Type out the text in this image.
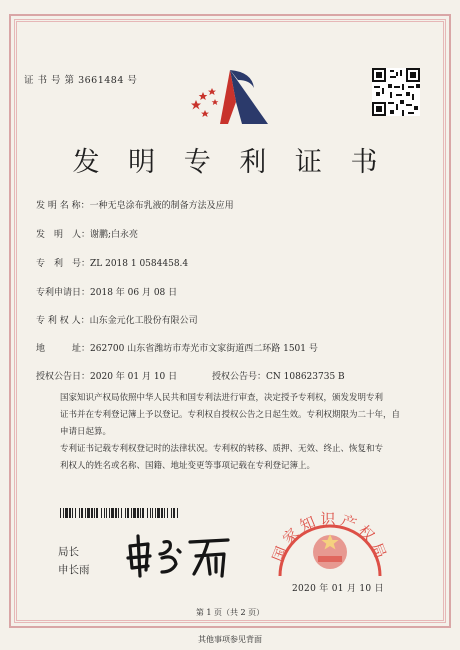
证 书 号 第 3661484 号
发 明 专 利 证 书
发 明 名 称：一种无皂涂布乳液的制备方法及应用
发　明　人：谢鹏;白永亮
专　利　号：ZL 2018 1 0584458.4
专利申请日：2018 年 06 月 08 日
专 利 权 人：山东金元化工股份有限公司
地　　　址：262700 山东省潍坊市寿光市文家街道西二环路 1501 号
授权公告日：2020 年 01 月 10 日	授权公告号：CN 108623735 B
国家知识产权局依照中华人民共和国专利法进行审查，决定授予专利权，颁发发明专利
证书并在专利登记簿上予以登记。专利权自授权公告之日起生效。专利权期限为二十年，自
申请日起算。
专利证书记载专利权登记时的法律状况。专利权的转移、质押、无效、终止、恢复和专
利权人的姓名或名称、国籍、地址变更等事项记载在专利登记簿上。
局长
申长雨
国家知识产权局
2020 年 01 月 10 日
第 1 页（共 2 页）
其他事项参见背面
